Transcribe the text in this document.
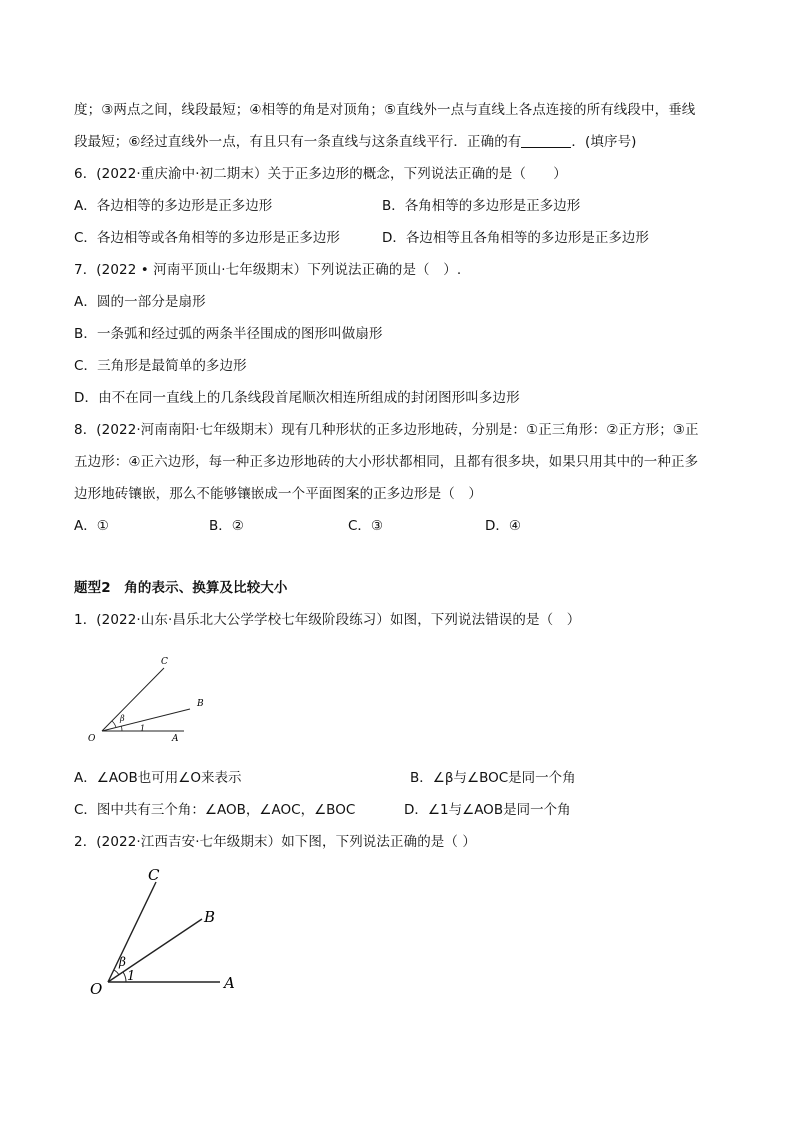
度；③两点之间，线段最短；④相等的角是对顶角；⑤直线外一点与直线上各点连接的所有线段中，垂线
段最短；⑥经过直线外一点，有且只有一条直线与这条直线平行．正确的有	．(填序号)
6．(2022·重庆渝中·初二期末）关于正多边形的概念，下列说法正确的是（　　）
A．各边相等的多边形是正多边形	B．各角相等的多边形是正多边形
C．各边相等或各角相等的多边形是正多边形	D．各边相等且各角相等的多边形是正多边形
7．(2022 • 河南平顶山·七年级期末）下列说法正确的是（　）.
A．圆的一部分是扇形
B．一条弧和经过弧的两条半径围成的图形叫做扇形
C．三角形是最简单的多边形
D．由不在同一直线上的几条线段首尾顺次相连所组成的封闭图形叫多边形
8．(2022·河南南阳·七年级期末）现有几种形状的正多边形地砖，分别是：①正三角形：②正方形；③正
五边形：④正六边形，每一种正多边形地砖的大小形状都相同，且都有很多块，如果只用其中的一种正多
边形地砖镶嵌，那么不能够镶嵌成一个平面图案的正多边形是（　）
A．①	B．②	C．③	D．④
题型2　角的表示、换算及比较大小
1．(2022·山东·昌乐北大公学学校七年级阶段练习）如图，下列说法错误的是（　）
C
B
O	A
β
1
A．∠AOB也可用∠O来表示	B．∠β与∠BOC是同一个角
C．图中共有三个角：∠AOB，∠AOC，∠BOC	D．∠1与∠AOB是同一个角
2．(2022·江西吉安·七年级期末）如下图，下列说法正确的是（ ）
C
B
O	A
β
1
